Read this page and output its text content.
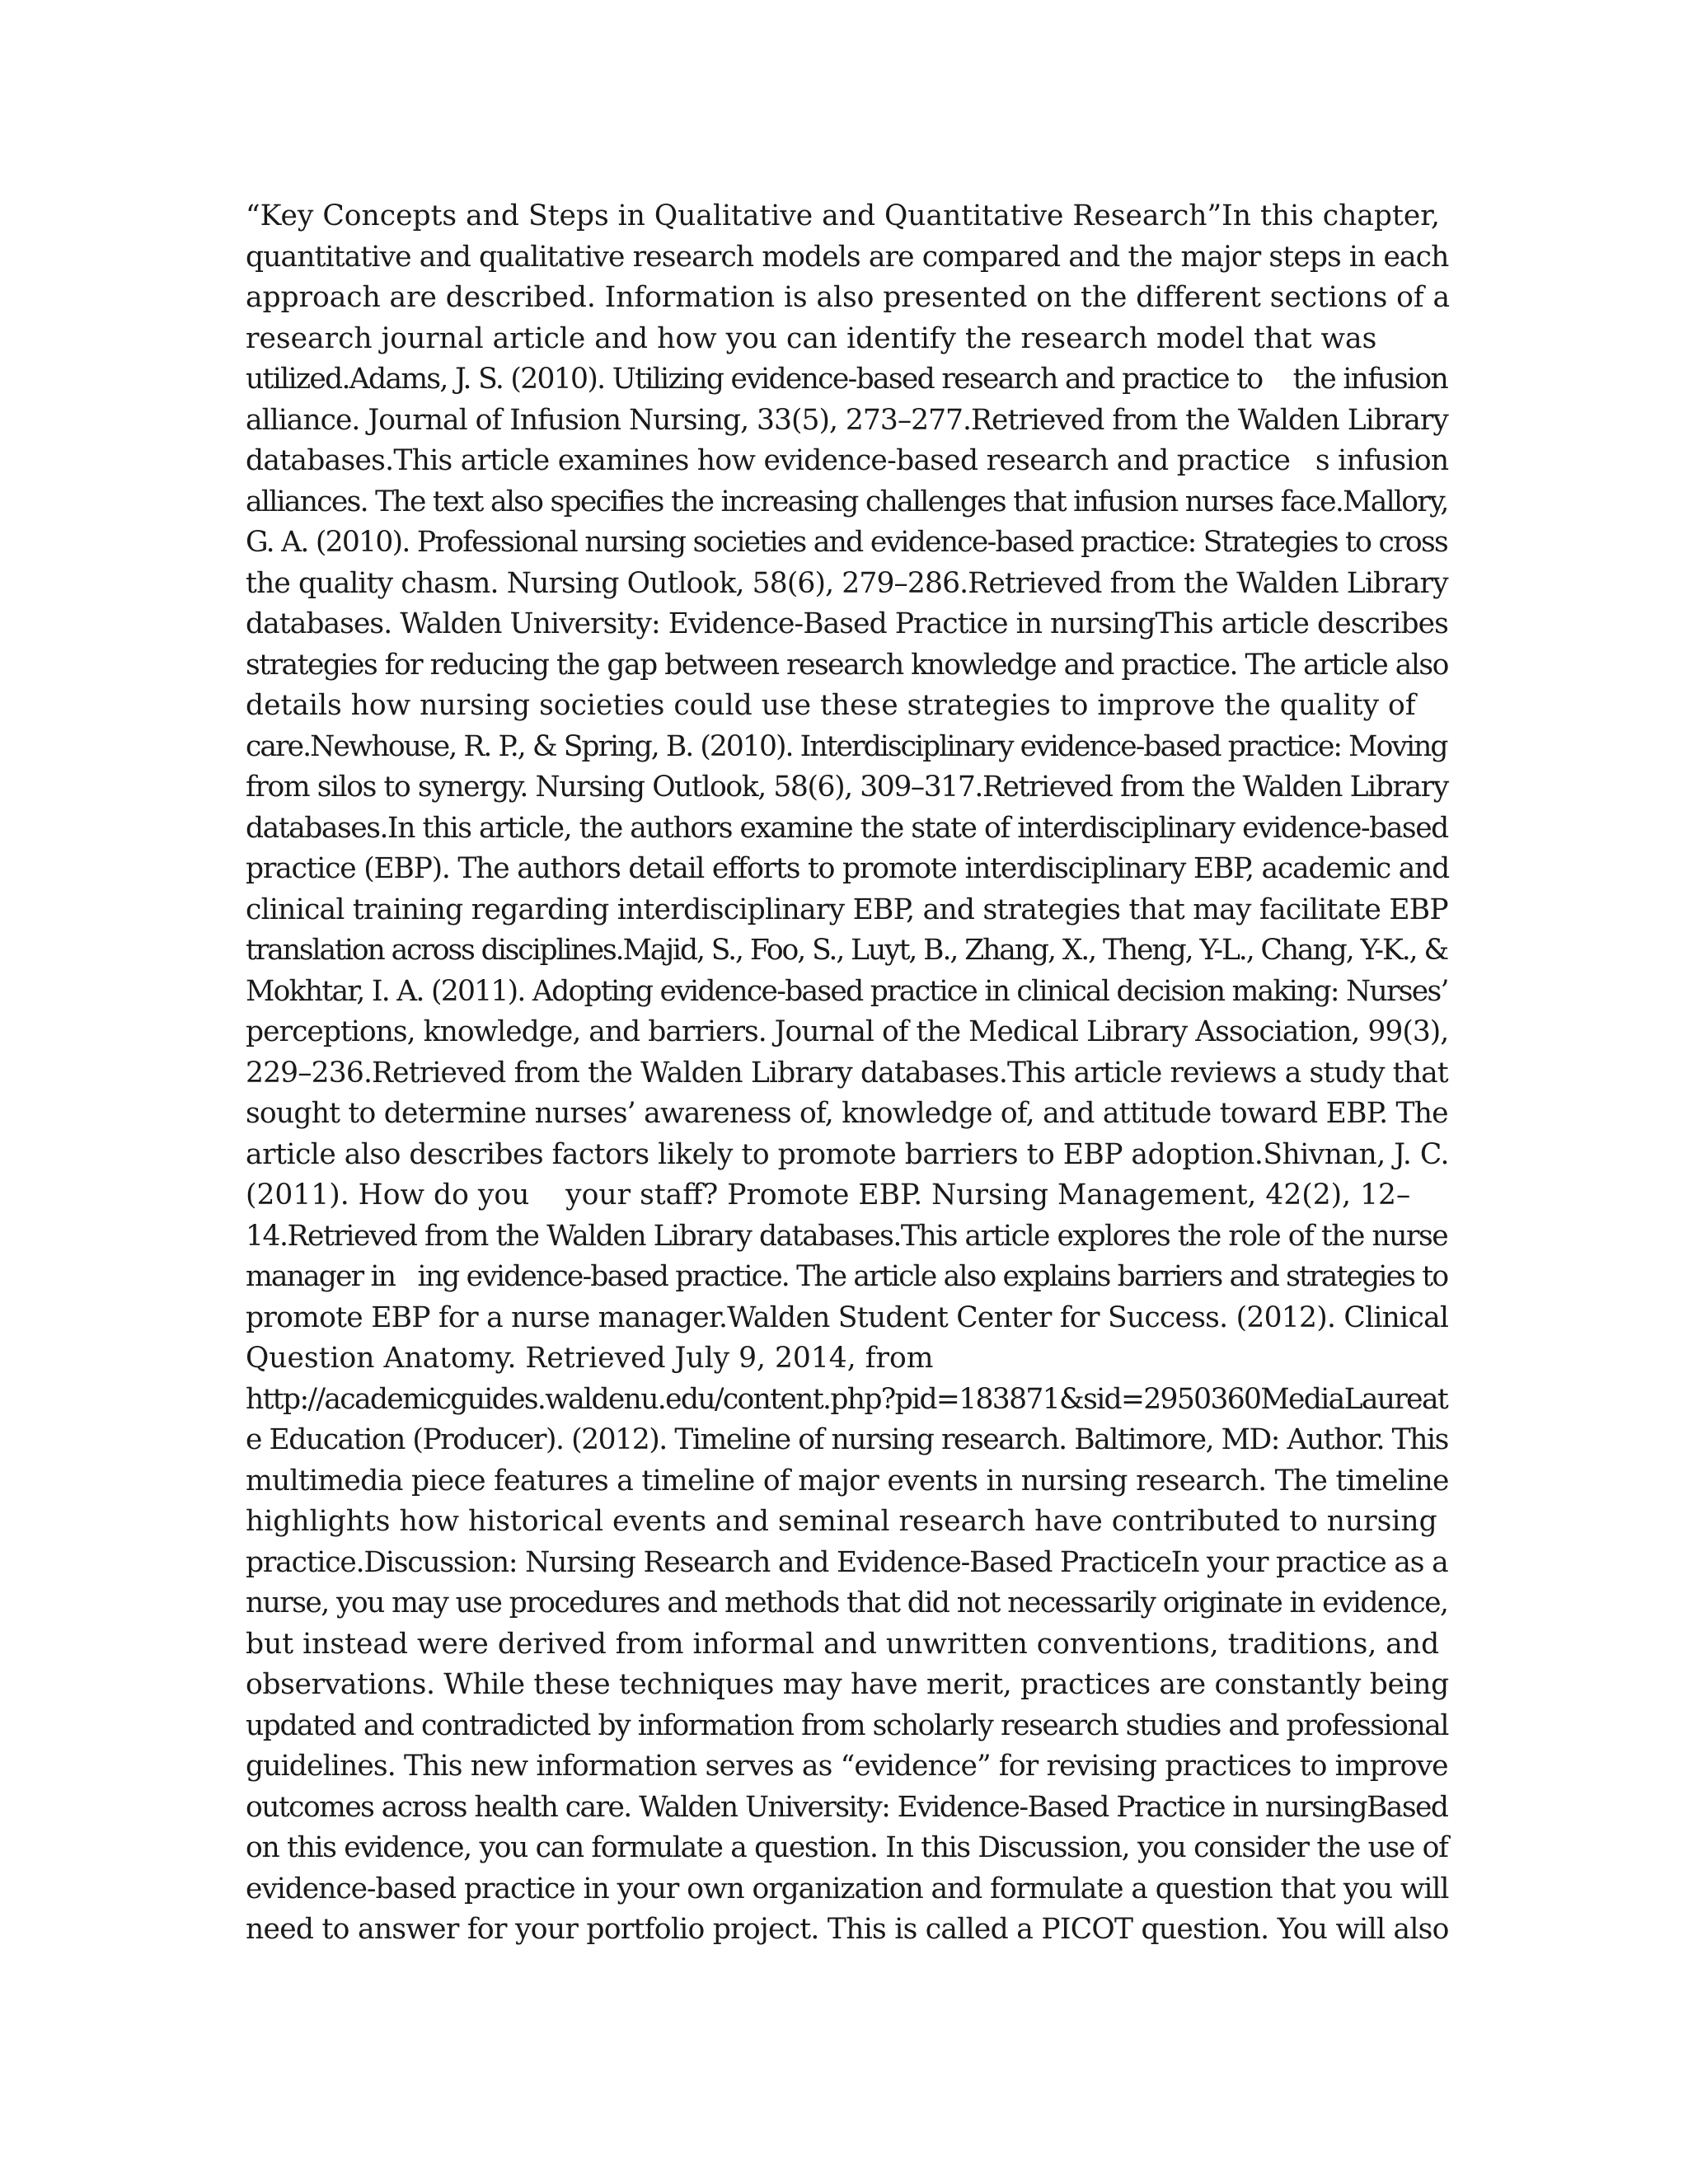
“Key Concepts and Steps in Qualitative and Quantitative Research”In this chapter,
quantitative and qualitative research models are compared and the major steps in each
approach are described. Information is also presented on the different sections of a
research journal article and how you can identify the research model that was
utilized.Adams, J. S. (2010). Utilizing evidence-based research and practice to    the infusion
alliance. Journal of Infusion Nursing, 33(5), 273–277.Retrieved from the Walden Library
databases.This article examines how evidence-based research and practice   s infusion
alliances. The text also specifies the increasing challenges that infusion nurses face.Mallory,
G. A. (2010). Professional nursing societies and evidence-based practice: Strategies to cross
the quality chasm. Nursing Outlook, 58(6), 279–286.Retrieved from the Walden Library
databases. Walden University: Evidence-Based Practice in nursingThis article describes
strategies for reducing the gap between research knowledge and practice. The article also
details how nursing societies could use these strategies to improve the quality of
care.Newhouse, R. P., & Spring, B. (2010). Interdisciplinary evidence-based practice: Moving
from silos to synergy. Nursing Outlook, 58(6), 309–317.Retrieved from the Walden Library
databases.In this article, the authors examine the state of interdisciplinary evidence-based
practice (EBP). The authors detail efforts to promote interdisciplinary EBP, academic and
clinical training regarding interdisciplinary EBP, and strategies that may facilitate EBP
translation across disciplines.Majid, S., Foo, S., Luyt, B., Zhang, X., Theng, Y-L., Chang, Y-K., &
Mokhtar, I. A. (2011). Adopting evidence-based practice in clinical decision making: Nurses’
perceptions, knowledge, and barriers. Journal of the Medical Library Association, 99(3),
229–236.Retrieved from the Walden Library databases.This article reviews a study that
sought to determine nurses’ awareness of, knowledge of, and attitude toward EBP. The
article also describes factors likely to promote barriers to EBP adoption.Shivnan, J. C.
(2011). How do you    your staff? Promote EBP. Nursing Management, 42(2), 12–
14.Retrieved from the Walden Library databases.This article explores the role of the nurse
manager in   ing evidence-based practice. The article also explains barriers and strategies to
promote EBP for a nurse manager.Walden Student Center for Success. (2012). Clinical
Question Anatomy. Retrieved July 9, 2014, from
http://academicguides.waldenu.edu/content.php?pid=183871&sid=2950360MediaLaureat
e Education (Producer). (2012). Timeline of nursing research. Baltimore, MD: Author. This
multimedia piece features a timeline of major events in nursing research. The timeline
highlights how historical events and seminal research have contributed to nursing
practice.Discussion: Nursing Research and Evidence-Based PracticeIn your practice as a
nurse, you may use procedures and methods that did not necessarily originate in evidence,
but instead were derived from informal and unwritten conventions, traditions, and
observations. While these techniques may have merit, practices are constantly being
updated and contradicted by information from scholarly research studies and professional
guidelines. This new information serves as “evidence” for revising practices to improve
outcomes across health care. Walden University: Evidence-Based Practice in nursingBased
on this evidence, you can formulate a question. In this Discussion, you consider the use of
evidence-based practice in your own organization and formulate a question that you will
need to answer for your portfolio project. This is called a PICOT question. You will also
